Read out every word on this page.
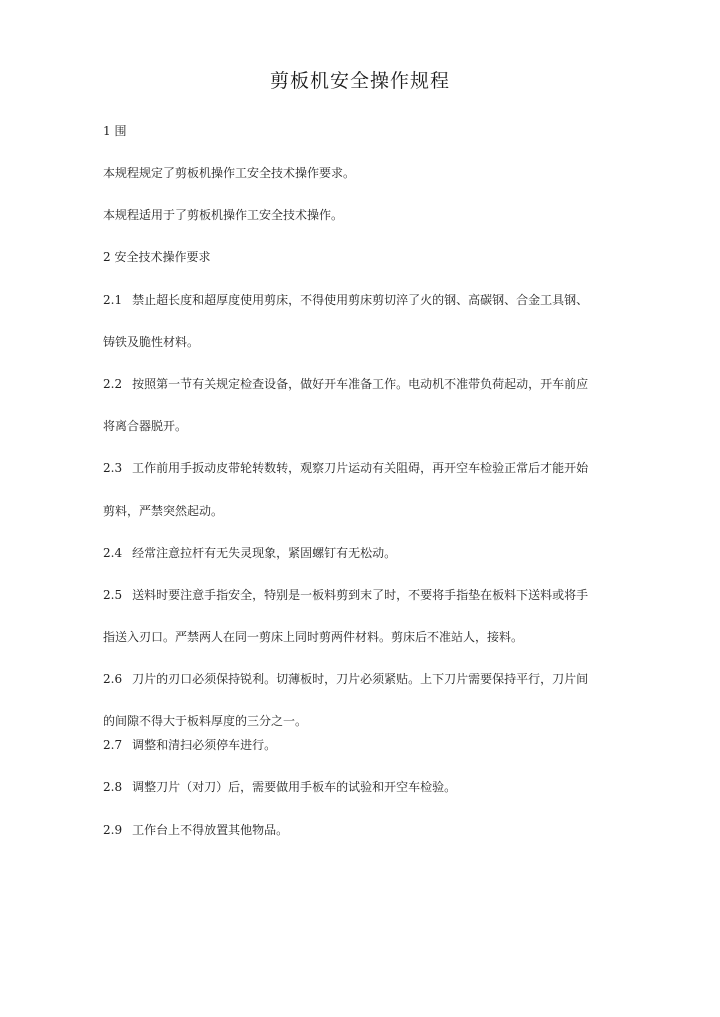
剪板机安全操作规程
1 围
本规程规定了剪板机操作工安全技术操作要求。
本规程适用于了剪板机操作工安全技术操作。
2 安全技术操作要求
2.1 禁止超长度和超厚度使用剪床，不得使用剪床剪切淬了火的钢、高碳钢、合金工具钢、
铸铁及脆性材料。
2.2 按照第一节有关规定检查设备，做好开车准备工作。电动机不准带负荷起动，开车前应
将离合器脱开。
2.3 工作前用手扳动皮带轮转数转，观察刀片运动有关阻碍，再开空车检验正常后才能开始
剪料，严禁突然起动。
2.4 经常注意拉杆有无失灵现象，紧固螺钉有无松动。
2.5 送料时要注意手指安全，特别是一板料剪到末了时，不要将手指垫在板料下送料或将手
指送入刃口。严禁两人在同一剪床上同时剪两件材料。剪床后不准站人，接料。
2.6 刀片的刃口必须保持锐利。切薄板时，刀片必须紧贴。上下刀片需要保持平行，刀片间
的间隙不得大于板料厚度的三分之一。
2.7 调整和清扫必须停车进行。
2.8 调整刀片（对刀）后，需要做用手板车的试验和开空车检验。
2.9 工作台上不得放置其他物品。
